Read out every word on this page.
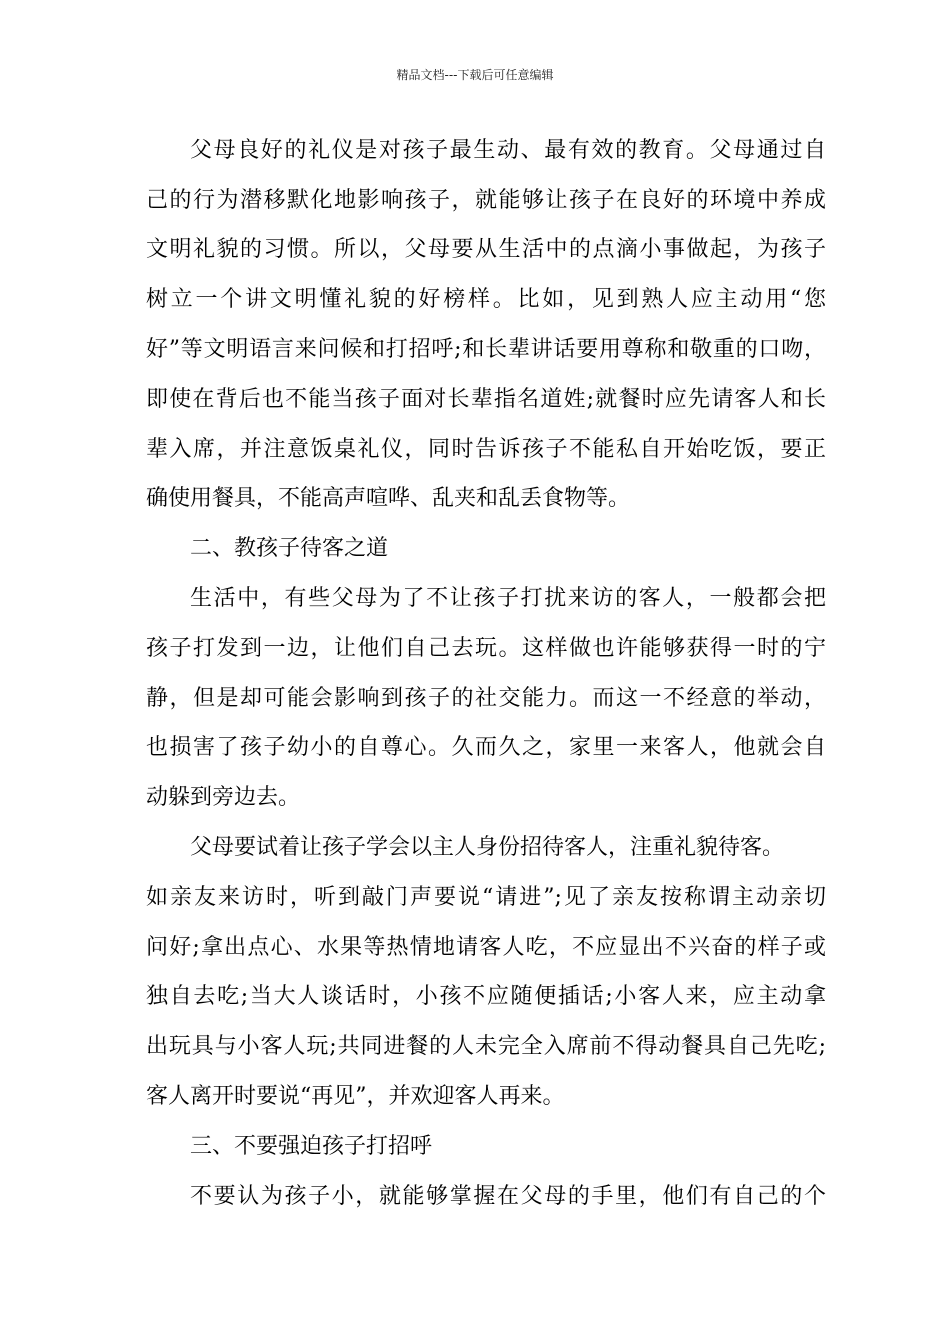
精品文档---下载后可任意编辑
父母良好的礼仪是对孩子最生动、最有效的教育。父母通过自
己的行为潜移默化地影响孩子，就能够让孩子在良好的环境中养成
文明礼貌的习惯。所以，父母要从生活中的点滴小事做起，为孩子
树立一个讲文明懂礼貌的好榜样。比如，见到熟人应主动用“您
好”等文明语言来问候和打招呼;和长辈讲话要用尊称和敬重的口吻，
即使在背后也不能当孩子面对长辈指名道姓;就餐时应先请客人和长
辈入席，并注意饭桌礼仪，同时告诉孩子不能私自开始吃饭，要正
确使用餐具，不能高声喧哗、乱夹和乱丢食物等。
二、教孩子待客之道
生活中，有些父母为了不让孩子打扰来访的客人，一般都会把
孩子打发到一边，让他们自己去玩。这样做也许能够获得一时的宁
静，但是却可能会影响到孩子的社交能力。而这一不经意的举动，
也损害了孩子幼小的自尊心。久而久之，家里一来客人，他就会自
动躲到旁边去。
父母要试着让孩子学会以主人身份招待客人，注重礼貌待客。
如亲友来访时，听到敲门声要说“请进”;见了亲友按称谓主动亲切
问好;拿出点心、水果等热情地请客人吃，不应显出不兴奋的样子或
独自去吃;当大人谈话时，小孩不应随便插话;小客人来，应主动拿
出玩具与小客人玩;共同进餐的人未完全入席前不得动餐具自己先吃;
客人离开时要说“再见”，并欢迎客人再来。
三、不要强迫孩子打招呼
不要认为孩子小，就能够掌握在父母的手里，他们有自己的个
